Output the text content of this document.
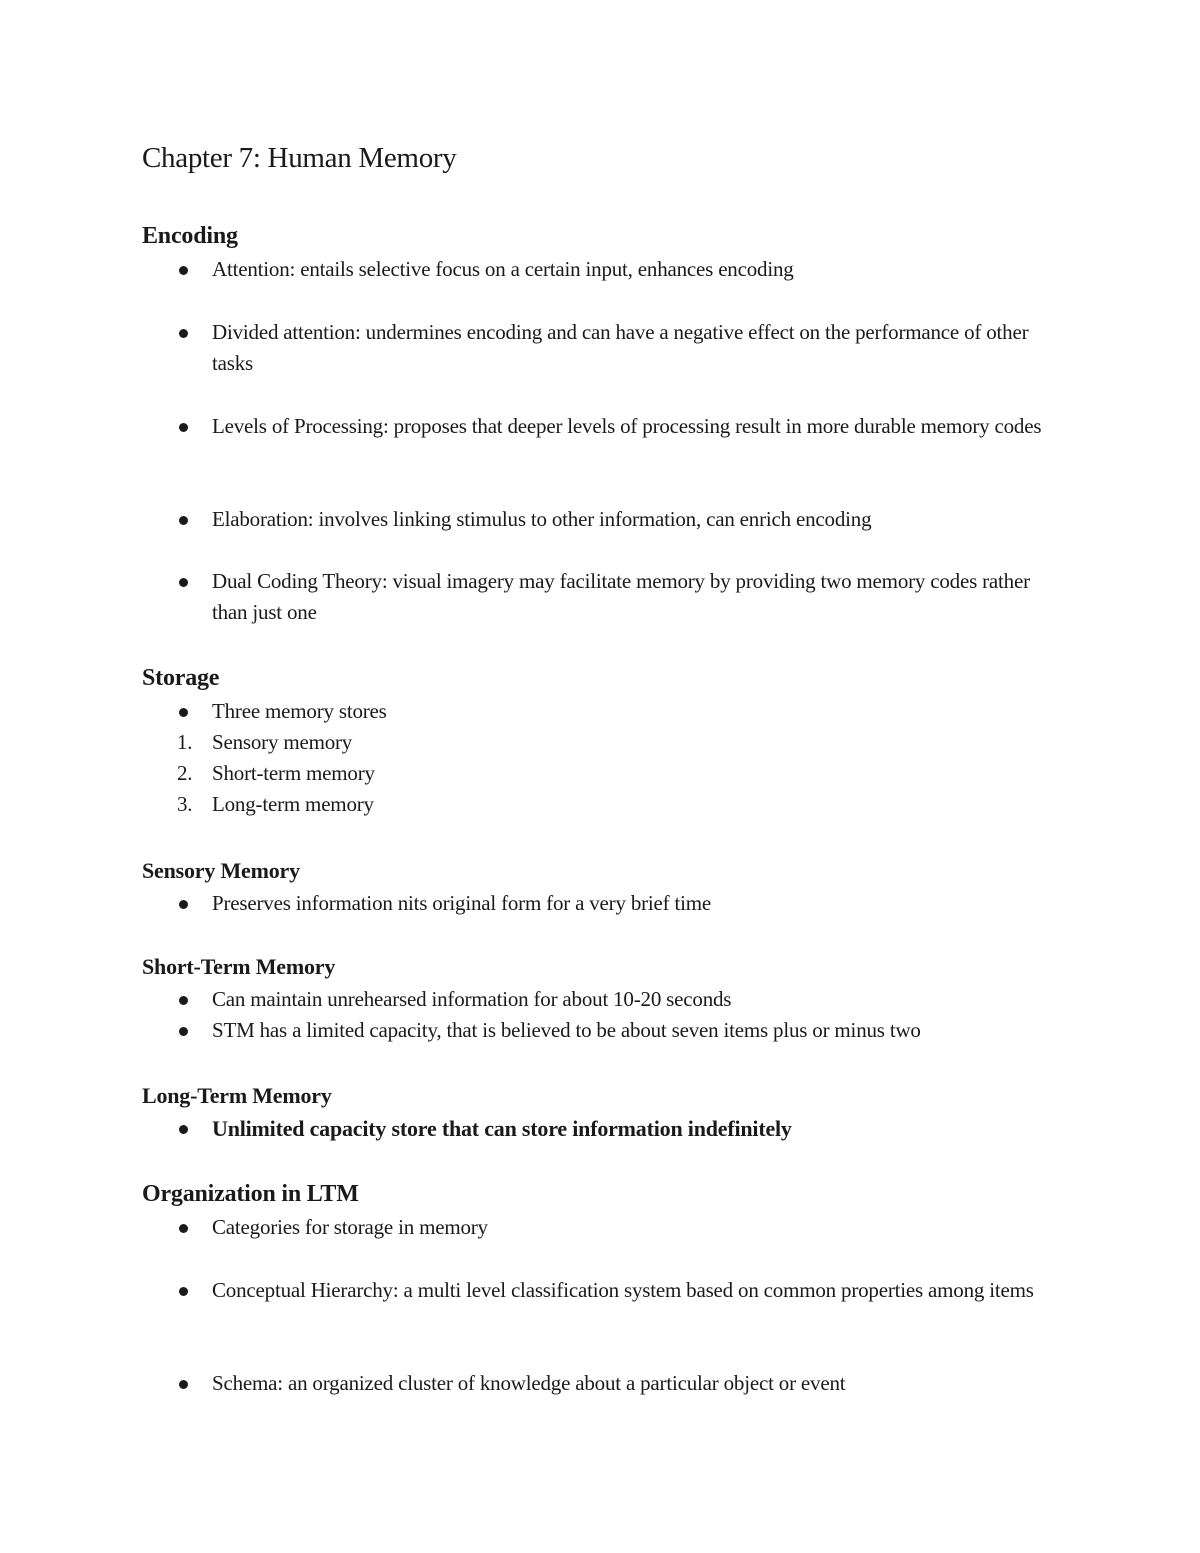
Chapter 7: Human Memory
Encoding
Attention: entails selective focus on a certain input, enhances encoding
Divided attention: undermines encoding and can have a negative effect on the performance of other tasks
Levels of Processing: proposes that deeper levels of processing result in more durable memory codes
Elaboration: involves linking stimulus to other information, can enrich encoding
Dual Coding Theory: visual imagery may facilitate memory by providing two memory codes rather than just one
Storage
Three memory stores
1. Sensory memory
2. Short-term memory
3. Long-term memory
Sensory Memory
Preserves information nits original form for a very brief time
Short-Term Memory
Can maintain unrehearsed information for about 10-20 seconds
STM has a limited capacity, that is believed to be about seven items plus or minus two
Long-Term Memory
Unlimited capacity store that can store information indefinitely
Organization in LTM
Categories for storage in memory
Conceptual Hierarchy: a multi level classification system based on common properties among items
Schema: an organized cluster of knowledge about a particular object or event
